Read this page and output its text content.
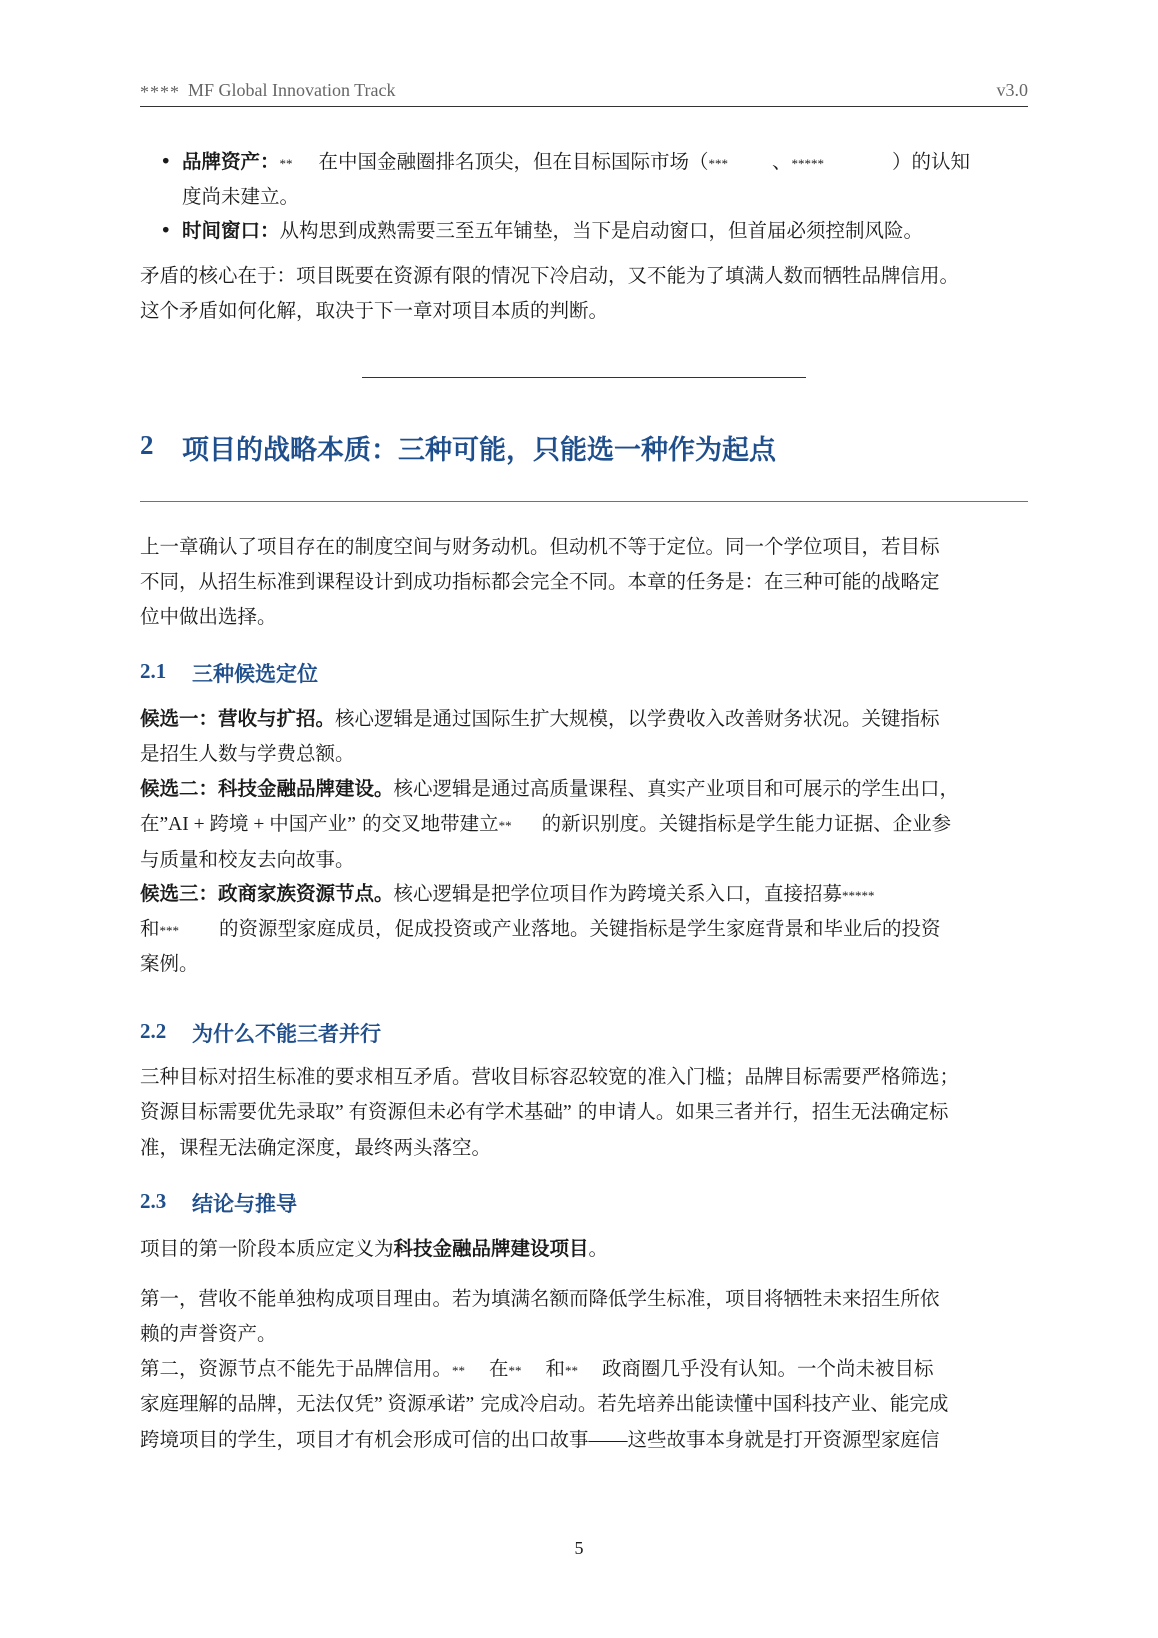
**** MF Global Innovation Track	v3.0
• 品牌资产：** 在中国金融圈排名顶尖，但在目标国际市场（*** 、*****	）的认知
度尚未建立。
• 时间窗口：从构思到成熟需要三至五年铺垫，当下是启动窗口，但首届必须控制风险。
矛盾的核心在于：项目既要在资源有限的情况下冷启动，又不能为了填满人数而牺牲品牌信用。
这个矛盾如何化解，取决于下一章对项目本质的判断。
2 项目的战略本质：三种可能，只能选一种作为起点
上一章确认了项目存在的制度空间与财务动机。但动机不等于定位。同一个学位项目，若目标
不同，从招生标准到课程设计到成功指标都会完全不同。本章的任务是：在三种可能的战略定
位中做出选择。
2.1 三种候选定位
候选一：营收与扩招。核心逻辑是通过国际生扩大规模，以学费收入改善财务状况。关键指标
是招生人数与学费总额。
候选二：科技金融品牌建设。核心逻辑是通过高质量课程、真实产业项目和可展示的学生出口，
在”AI + 跨境 + 中国产业” 的交叉地带建立** 的新识别度。关键指标是学生能力证据、企业参
与质量和校友去向故事。
候选三：政商家族资源节点。核心逻辑是把学位项目作为跨境关系入口，直接招募*****
和*** 的资源型家庭成员，促成投资或产业落地。关键指标是学生家庭背景和毕业后的投资
案例。
2.2 为什么不能三者并行
三种目标对招生标准的要求相互矛盾。营收目标容忍较宽的准入门槛；品牌目标需要严格筛选；
资源目标需要优先录取” 有资源但未必有学术基础” 的申请人。如果三者并行，招生无法确定标
准，课程无法确定深度，最终两头落空。
2.3 结论与推导
项目的第一阶段本质应定义为科技金融品牌建设项目。
第一，营收不能单独构成项目理由。若为填满名额而降低学生标准，项目将牺牲未来招生所依
赖的声誉资产。
第二，资源节点不能先于品牌信用。** 在** 和** 政商圈几乎没有认知。一个尚未被目标
家庭理解的品牌，无法仅凭” 资源承诺” 完成冷启动。若先培养出能读懂中国科技产业、能完成
跨境项目的学生，项目才有机会形成可信的出口故事——这些故事本身就是打开资源型家庭信
5
